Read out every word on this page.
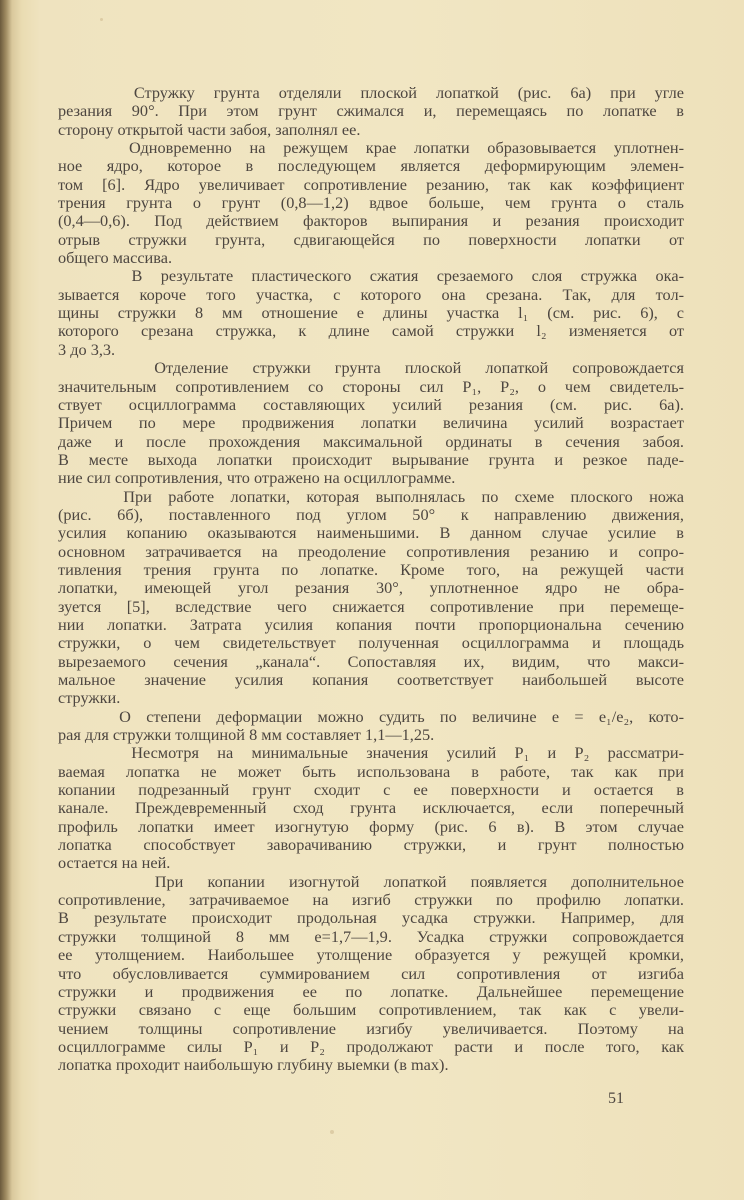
Стружку грунта отделяли плоской лопаткой (рис. 6а) при угле
резания 90°. При этом грунт сжимался и, перемещаясь по лопатке в
сторону открытой части забоя, заполнял ее.
Одновременно на режущем крае лопатки образовывается уплотнен-
ное ядро, которое в последующем является деформирующим элемен-
том [6]. Ядро увеличивает сопротивление резанию, так как коэффициент
трения грунта о грунт (0,8—1,2) вдвое больше, чем грунта о сталь
(0,4—0,6). Под действием факторов выпирания и резания происходит
отрыв стружки грунта, сдвигающейся по поверхности лопатки от
общего массива.
В результате пластического сжатия срезаемого слоя стружка ока-
зывается короче того участка, с которого она срезана. Так, для тол-
щины стружки 8 мм отношение e длины участка l₁ (см. рис. 6), с
которого срезана стружка, к длине самой стружки l₂ изменяется от
3 до 3,3.
Отделение стружки грунта плоской лопаткой сопровождается
значительным сопротивлением со стороны сил P₁, P₂, о чем свидетель-
ствует осциллограмма составляющих усилий резания (см. рис. 6а).
Причем по мере продвижения лопатки величина усилий возрастает
даже и после прохождения максимальной ординаты в сечения забоя.
В месте выхода лопатки происходит вырывание грунта и резкое паде-
ние сил сопротивления, что отражено на осциллограмме.
При работе лопатки, которая выполнялась по схеме плоского ножа
(рис. 6б), поставленного под углом 50° к направлению движения,
усилия копанию оказываются наименьшими. В данном случае усилие в
основном затрачивается на преодоление сопротивления резанию и сопро-
тивления трения грунта по лопатке. Кроме того, на режущей части
лопатки, имеющей угол резания 30°, уплотненное ядро не обра-
зуется [5], вследствие чего снижается сопротивление при перемеще-
нии лопатки. Затрата усилия копания почти пропорциональна сечению
стружки, о чем свидетельствует полученная осциллограмма и площадь
вырезаемого сечения „канала“. Сопоставляя их, видим, что макси-
мальное значение усилия копания соответствует наибольшей высоте
стружки.
О степени деформации можно судить по величине e = e₁/e₂, кото-
рая для стружки толщиной 8 мм составляет 1,1—1,25.
Несмотря на минимальные значения усилий P₁ и P₂ рассматри-
ваемая лопатка не может быть использована в работе, так как при
копании подрезанный грунт сходит с ее поверхности и остается в
канале. Преждевременный сход грунта исключается, если поперечный
профиль лопатки имеет изогнутую форму (рис. 6 в). В этом случае
лопатка способствует заворачиванию стружки, и грунт полностью
остается на ней.
При копании изогнутой лопаткой появляется дополнительное
сопротивление, затрачиваемое на изгиб стружки по профилю лопатки.
В результате происходит продольная усадка стружки. Например, для
стружки толщиной 8 мм e=1,7—1,9. Усадка стружки сопровождается
ее утолщением. Наибольшее утолщение образуется у режущей кромки,
что обусловливается суммированием сил сопротивления от изгиба
стружки и продвижения ее по лопатке. Дальнейшее перемещение
стружки связано с еще большим сопротивлением, так как с увели-
чением толщины сопротивление изгибу увеличивается. Поэтому на
осциллограмме силы P₁ и P₂ продолжают расти и после того, как
лопатка проходит наибольшую глубину выемки (в max).
51
